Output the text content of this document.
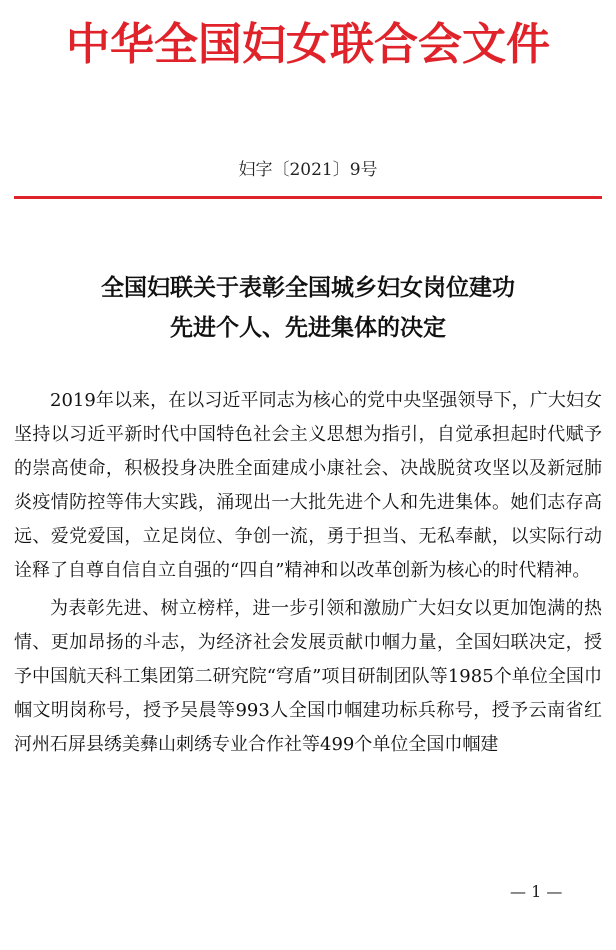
中华全国妇女联合会文件
妇字〔2021〕9号
全国妇联关于表彰全国城乡妇女岗位建功
先进个人、先进集体的决定

2019年以来，在以习近平同志为核心的党中央坚强领导下，广大妇女坚持以习近平新时代中国特色社会主义思想为指引，自觉承担起时代赋予的崇高使命，积极投身决胜全面建成小康社会、决战脱贫攻坚以及新冠肺炎疫情防控等伟大实践，涌现出一大批先进个人和先进集体。她们志存高远、爱党爱国，立足岗位、争创一流，勇于担当、无私奉献，以实际行动诠释了自尊自信自立自强的“四自”精神和以改革创新为核心的时代精神。

为表彰先进、树立榜样，进一步引领和激励广大妇女以更加饱满的热情、更加昂扬的斗志，为经济社会发展贡献巾帼力量，全国妇联决定，授予中国航天科工集团第二研究院“穹盾”项目研制团队等1985个单位全国巾帼文明岗称号，授予吴晨等993人全国巾帼建功标兵称号，授予云南省红河州石屏县绣美彝山刺绣专业合作社等499个单位全国巾帼建

— 1 —
